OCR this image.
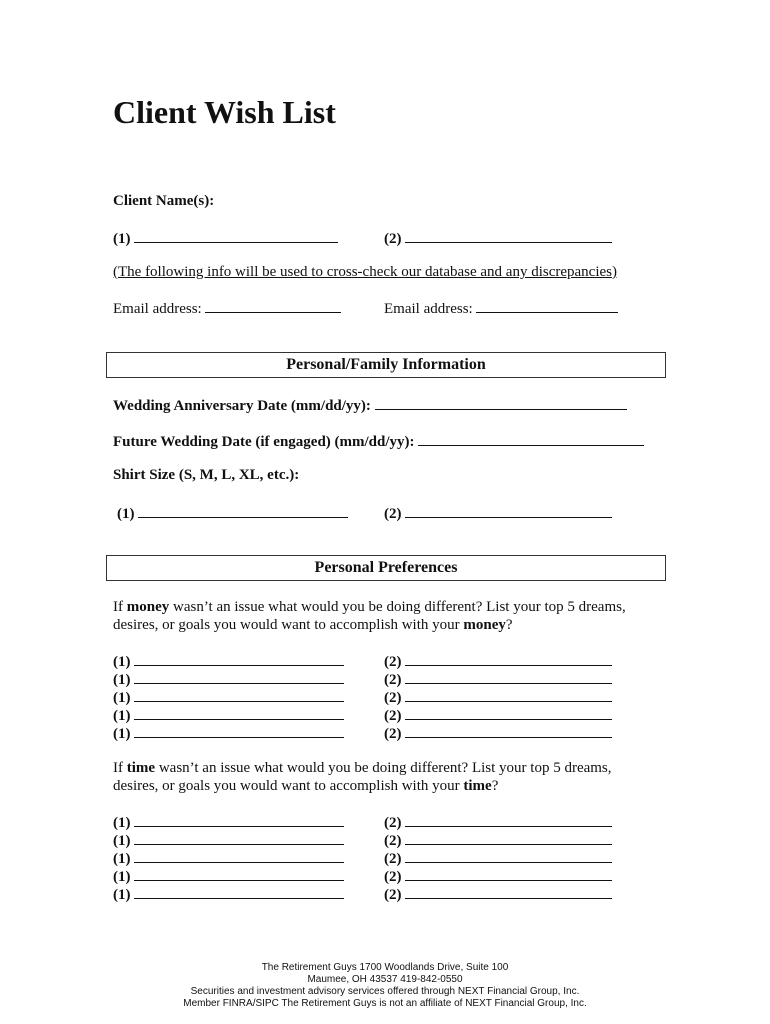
Client Wish List
Client Name(s):
(1)	(2)
(The following info will be used to cross-check our database and any discrepancies)
Email address:	Email address:
Personal/Family Information
Wedding Anniversary Date (mm/dd/yy):
Future Wedding Date (if engaged) (mm/dd/yy):
Shirt Size (S, M, L, XL, etc.):
(1)	(2)
Personal Preferences
If money wasn’t an issue what would you be doing different? List your top 5 dreams,
desires, or goals you would want to accomplish with your money?
(1)	(2)
(1)	(2)
(1)	(2)
(1)	(2)
(1)	(2)
If time wasn’t an issue what would you be doing different? List your top 5 dreams,
desires, or goals you would want to accomplish with your time?
(1)	(2)
(1)	(2)
(1)	(2)
(1)	(2)
(1)	(2)
The Retirement Guys 1700 Woodlands Drive, Suite 100
Maumee, OH 43537 419-842-0550
Securities and investment advisory services offered through NEXT Financial Group, Inc.
Member FINRA/SIPC The Retirement Guys is not an affiliate of NEXT Financial Group, Inc.
